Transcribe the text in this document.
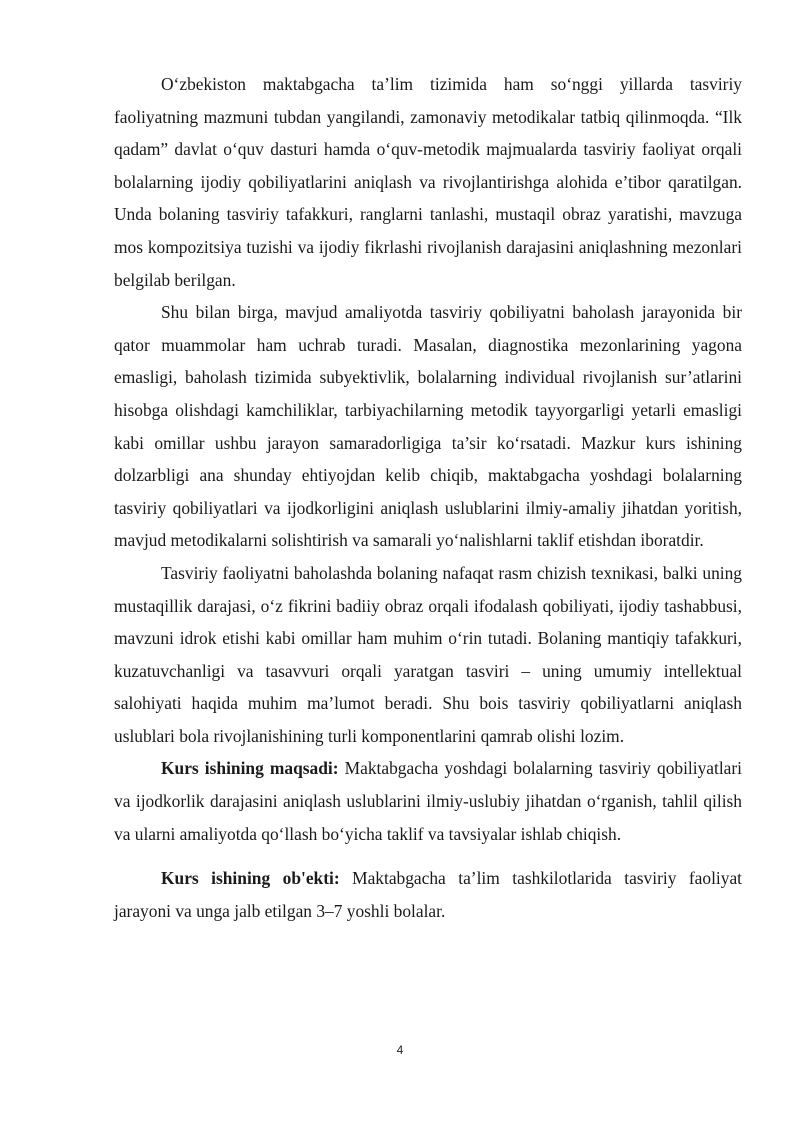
O‘zbekiston maktabgacha ta’lim tizimida ham so‘nggi yillarda tasviriy faoliyatning mazmuni tubdan yangilandi, zamonaviy metodikalar tatbiq qilinmoqda. “Ilk qadam” davlat o‘quv dasturi hamda o‘quv-metodik majmualarda tasviriy faoliyat orqali bolalarning ijodiy qobiliyatlarini aniqlash va rivojlantirishga alohida e’tibor qaratilgan. Unda bolaning tasviriy tafakkuri, ranglarni tanlashi, mustaqil obraz yaratishi, mavzuga mos kompozitsiya tuzishi va ijodiy fikrlashi rivojlanish darajasini aniqlashning mezonlari belgilab berilgan.

Shu bilan birga, mavjud amaliyotda tasviriy qobiliyatni baholash jarayonida bir qator muammolar ham uchrab turadi. Masalan, diagnostika mezonlarining yagona emasligi, baholash tizimida subyektivlik, bolalarning individual rivojlanish sur’atlarini hisobga olishdagi kamchiliklar, tarbiyachilarning metodik tayyorgarligi yetarli emasligi kabi omillar ushbu jarayon samaradorligiga ta’sir ko‘rsatadi. Mazkur kurs ishining dolzarbligi ana shunday ehtiyojdan kelib chiqib, maktabgacha yoshdagi bolalarning tasviriy qobiliyatlari va ijodkorligini aniqlash uslublarini ilmiy-amaliy jihatdan yoritish, mavjud metodikalarni solishtirish va samarali yo‘nalishlarni taklif etishdan iboratdir.

Tasviriy faoliyatni baholashda bolaning nafaqat rasm chizish texnikasi, balki uning mustaqillik darajasi, o‘z fikrini badiiy obraz orqali ifodalash qobiliyati, ijodiy tashabbusi, mavzuni idrok etishi kabi omillar ham muhim o‘rin tutadi. Bolaning mantiqiy tafakkuri, kuzatuvchanligi va tasavvuri orqali yaratgan tasviri – uning umumiy intellektual salohiyati haqida muhim ma’lumot beradi. Shu bois tasviriy qobiliyatlarni aniqlash uslublari bola rivojlanishining turli komponentlarini qamrab olishi lozim.

Kurs ishining maqsadi: Maktabgacha yoshdagi bolalarning tasviriy qobiliyatlari va ijodkorlik darajasini aniqlash uslublarini ilmiy-uslubiy jihatdan o‘rganish, tahlil qilish va ularni amaliyotda qo‘llash bo‘yicha taklif va tavsiyalar ishlab chiqish.

Kurs ishining ob'ekti: Maktabgacha ta’lim tashkilotlarida tasviriy faoliyat jarayoni va unga jalb etilgan 3–7 yoshli bolalar.

4
